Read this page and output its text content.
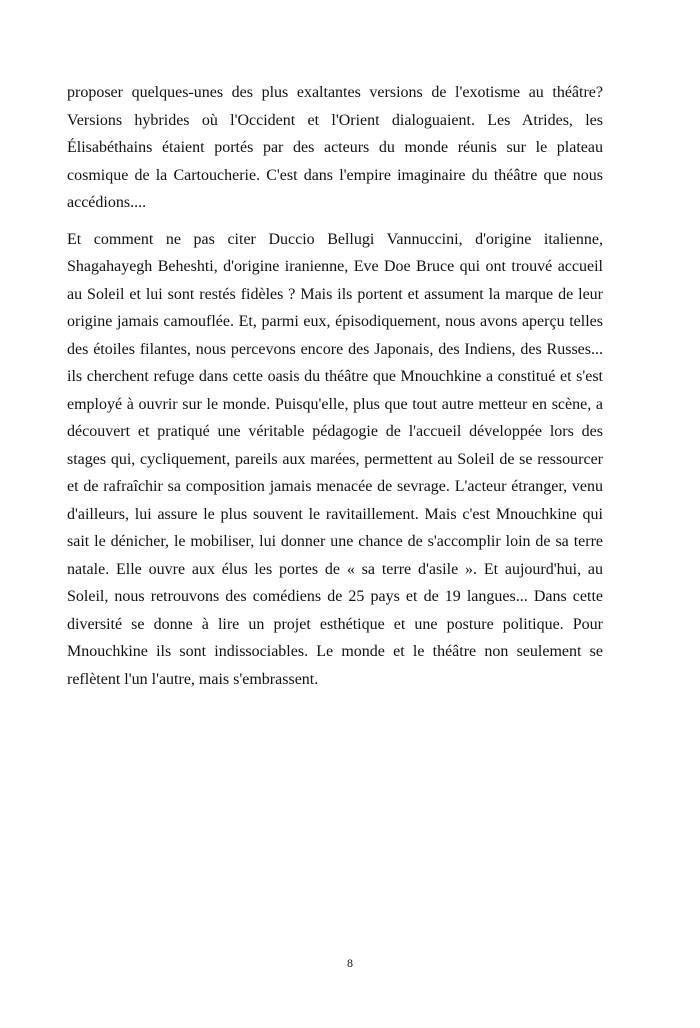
proposer quelques-unes des plus exaltantes versions de l'exotisme au théâtre? Versions hybrides où l'Occident et l'Orient dialoguaient. Les Atrides, les Élisabéthains étaient portés par des acteurs du monde réunis sur le plateau cosmique de la Cartoucherie. C'est dans l'empire imaginaire du théâtre que nous accédions....

Et comment ne pas citer Duccio Bellugi Vannuccini, d'origine italienne, Shagahayegh Beheshti, d'origine iranienne, Eve Doe Bruce qui ont trouvé accueil au Soleil et lui sont restés fidèles ? Mais ils portent et assument la marque de leur origine jamais camouflée. Et, parmi eux, épisodiquement, nous avons aperçu telles des étoiles filantes, nous percevons encore des Japonais, des Indiens, des Russes... ils cherchent refuge dans cette oasis du théâtre que Mnouchkine a constitué et s'est employé à ouvrir sur le monde. Puisqu'elle, plus que tout autre metteur en scène, a découvert et pratiqué une véritable pédagogie de l'accueil développée lors des stages qui, cycliquement, pareils aux marées, permettent au Soleil de se ressourcer et de rafraîchir sa composition jamais menacée de sevrage. L'acteur étranger, venu d'ailleurs, lui assure le plus souvent le ravitaillement. Mais c'est Mnouchkine qui sait le dénicher, le mobiliser, lui donner une chance de s'accomplir loin de sa terre natale. Elle ouvre aux élus les portes de « sa terre d'asile ». Et aujourd'hui, au Soleil, nous retrouvons des comédiens de 25 pays et de 19 langues... Dans cette diversité se donne à lire un projet esthétique et une posture politique. Pour Mnouchkine ils sont indissociables. Le monde et le théâtre non seulement se reflètent l'un l'autre, mais s'embrassent.

8
